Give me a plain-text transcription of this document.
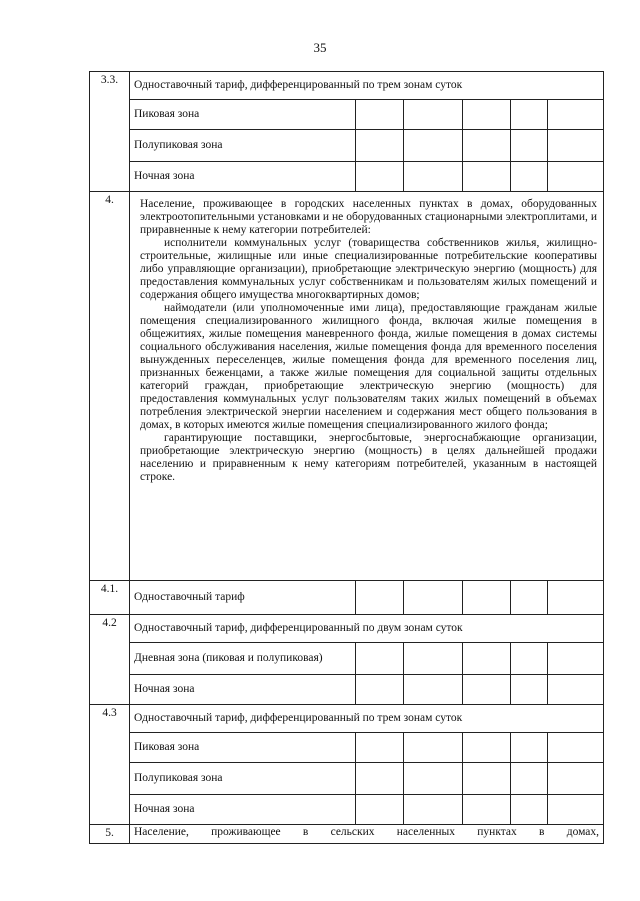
35
3.3.	Одноставочный тариф, дифференцированный по трем зонам суток					
	Пиковая зона					
	Полупиковая зона					
	Ночная зона					
4.	Население, проживающее в городских населенных пунктах в домах, оборудованных электроотопительными установками и не оборудованных стационарными электроплитами, и приравненные к нему категории потребителей:

исполнители коммунальных услуг (товарищества собственников жилья, жилищно-строительные, жилищные или иные специализированные потребительские кооперативы либо управляющие организации), приобретающие электрическую энергию (мощность) для предоставления коммунальных услуг собственникам и пользователям жилых помещений и содержания общего имущества многоквартирных домов;

наймодатели (или уполномоченные ими лица), предоставляющие гражданам жилые помещения специализированного жилищного фонда, включая жилые помещения в общежитиях, жилые помещения маневренного фонда, жилые помещения в домах системы социального обслуживания населения, жилые помещения фонда для временного поселения вынужденных переселенцев, жилые помещения фонда для временного поселения лиц, признанных беженцами, а также жилые помещения для социальной защиты отдельных категорий граждан, приобретающие электрическую энергию (мощность) для предоставления коммунальных услуг пользователям таких жилых помещений в объемах потребления электрической энергии населением и содержания мест общего пользования в домах, в которых имеются жилые помещения специализированного жилого фонда;

гарантирующие поставщики, энергосбытовые, энергоснабжающие организации, приобретающие электрическую энергию (мощность) в целях дальнейшей продажи населению и приравненным к нему категориям потребителей, указанным в настоящей строке.					

4.1.	Одноставочный тариф					
4.2	Одноставочный тариф, дифференцированный по двум зонам суток					
	Дневная зона (пиковая и полупиковая)					
	Ночная зона					
4.3	Одноставочный тариф, дифференцированный по трем зонам суток					
	Пиковая зона					
	Полупиковая зона					
	Ночная зона					
5.	Население, проживающее в сельских населенных пунктах в домах,					
